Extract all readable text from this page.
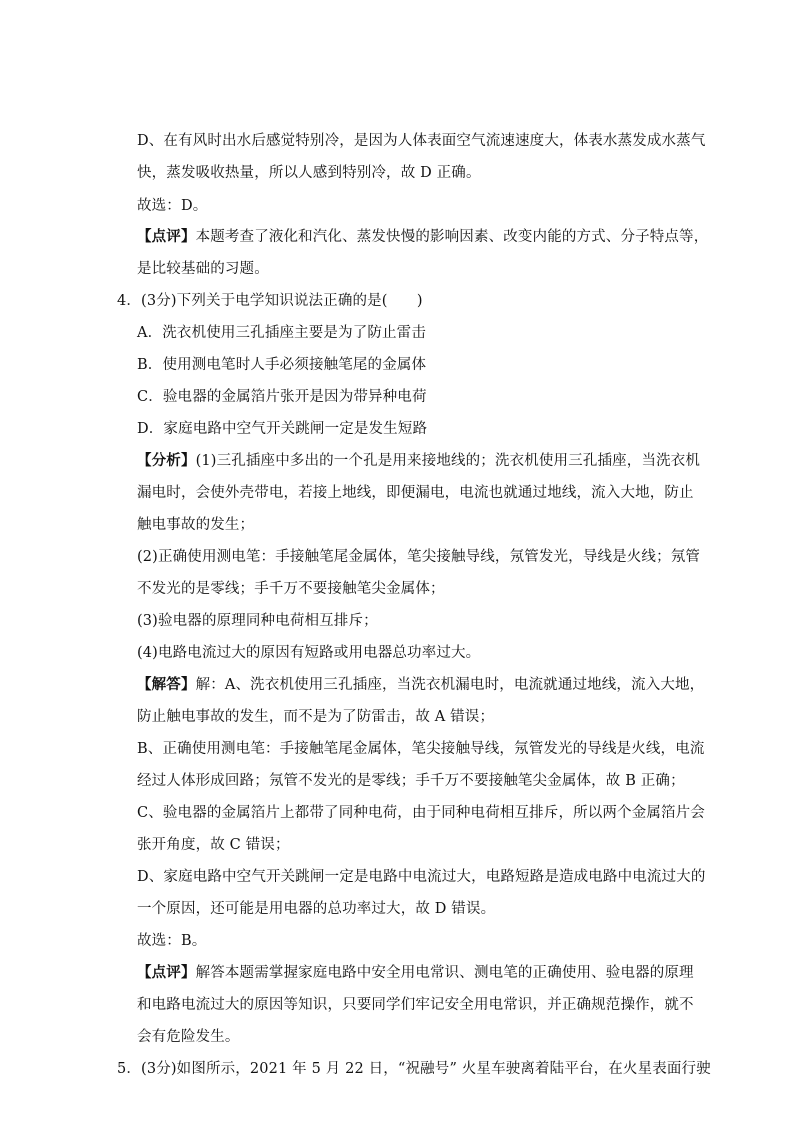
D、在有风时出水后感觉特别冷，是因为人体表面空气流速速度大，体表水蒸发成水蒸气
快，蒸发吸收热量，所以人感到特别冷，故 D 正确。
故选：D。
【点评】本题考查了液化和汽化、蒸发快慢的影响因素、改变内能的方式、分子特点等，
是比较基础的习题。
4．(3分)下列关于电学知识说法正确的是(　　)
A．洗衣机使用三孔插座主要是为了防止雷击
B．使用测电笔时人手必须接触笔尾的金属体
C．验电器的金属箔片张开是因为带异种电荷
D．家庭电路中空气开关跳闸一定是发生短路
【分析】(1)三孔插座中多出的一个孔是用来接地线的；洗衣机使用三孔插座，当洗衣机
漏电时，会使外壳带电，若接上地线，即便漏电，电流也就通过地线，流入大地，防止
触电事故的发生；
(2)正确使用测电笔：手接触笔尾金属体，笔尖接触导线，氖管发光，导线是火线；氖管
不发光的是零线；手千万不要接触笔尖金属体；
(3)验电器的原理同种电荷相互排斥；
(4)电路电流过大的原因有短路或用电器总功率过大。
【解答】解：A、洗衣机使用三孔插座，当洗衣机漏电时，电流就通过地线，流入大地，
防止触电事故的发生，而不是为了防雷击，故 A 错误；
B、正确使用测电笔：手接触笔尾金属体，笔尖接触导线，氖管发光的导线是火线，电流
经过人体形成回路；氖管不发光的是零线；手千万不要接触笔尖金属体，故 B 正确；
C、验电器的金属箔片上都带了同种电荷，由于同种电荷相互排斥，所以两个金属箔片会
张开角度，故 C 错误；
D、家庭电路中空气开关跳闸一定是电路中电流过大，电路短路是造成电路中电流过大的
一个原因，还可能是用电器的总功率过大，故 D 错误。
故选：B。
【点评】解答本题需掌握家庭电路中安全用电常识、测电笔的正确使用、验电器的原理
和电路电流过大的原因等知识，只要同学们牢记安全用电常识，并正确规范操作，就不
会有危险发生。
5．(3分)如图所示，2021 年 5 月 22 日，“祝融号” 火星车驶离着陆平台，在火星表面行驶
